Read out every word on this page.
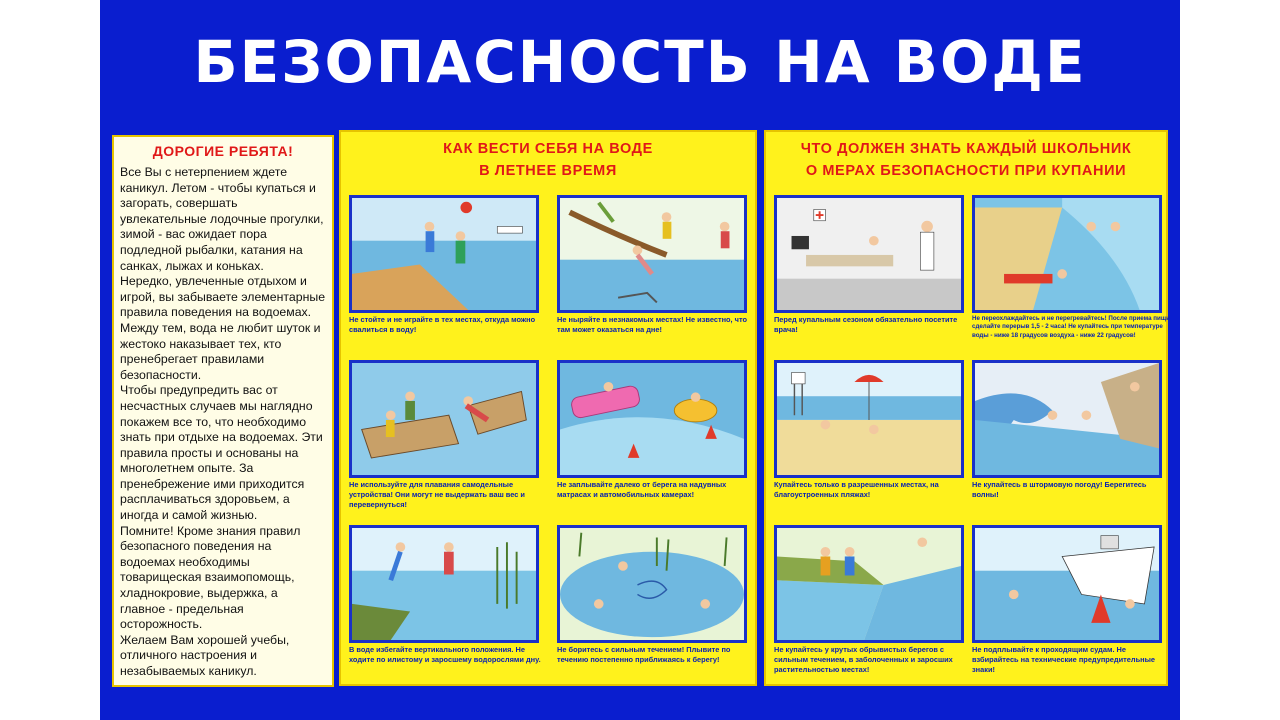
БЕЗОПАСНОСТЬ НА ВОДЕ
ДОРОГИЕ РЕБЯТА!

Все Вы с нетерпением ждете каникул. Летом - чтобы купаться и загорать, совершать увлекательные лодочные прогулки, зимой - вас ожидает пора подледной рыбалки, катания на санках, лыжах и коньках.

Нередко, увлеченные отдыхом и игрой, вы забываете элементарные правила поведения на водоемах. Между тем, вода не любит шуток и жестоко наказывает тех, кто пренебрегает правилами безопасности.

Чтобы предупредить вас от несчастных случаев мы наглядно покажем все то, что необходимо знать при отдыхе на водоемах. Эти правила просты и основаны на многолетнем опыте. За пренебрежение ими приходится расплачиваться здоровьем, а иногда и самой жизнью.

Помните! Кроме знания правил безопасного поведения на водоемах необходимы товарищеская взаимопомощь, хладнокровие, выдержка, а главное - предельная осторожность.

Желаем Вам хорошей учебы, отличного настроения и незабываемых каникул.

КАК ВЕСТИ СЕБЯ НА ВОДЕ
В ЛЕТНЕЕ ВРЕМЯ
Не стойте и не играйте в тех местах, откуда можно свалиться в воду!
Не ныряйте в незнакомых местах! Не известно, что там может оказаться на дне!
Не используйте для плавания самодельные устройства! Они могут не выдержать ваш вес и перевернуться!
Не заплывайте далеко от берега на надувных матрасах и автомобильных камерах!
В воде избегайте вертикального положения. Не ходите по илистому и заросшему водорослями дну.
Не боритесь с сильным течением! Плывите по течению постепенно приближаясь к берегу!
ЧТО ДОЛЖЕН ЗНАТЬ КАЖДЫЙ ШКОЛЬНИК
О МЕРАХ БЕЗОПАСНОСТИ ПРИ КУПАНИИ
Перед купальным сезоном обязательно посетите врача!
Не переохлаждайтесь и не перегревайтесь! После приема пищи сделайте перерыв 1,5 - 2 часа! Не купайтесь при температуре воды - ниже 18 градусов воздуха - ниже 22 градусов!
Купайтесь только в разрешенных местах, на благоустроенных пляжах!
Не купайтесь в штормовую погоду! Берегитесь волны!
Не купайтесь у крутых обрывистых берегов с сильным течением, в заболоченных и заросших растительностью местах!
Не подплывайте к проходящим судам. Не взбирайтесь на технические предупредительные знаки!
